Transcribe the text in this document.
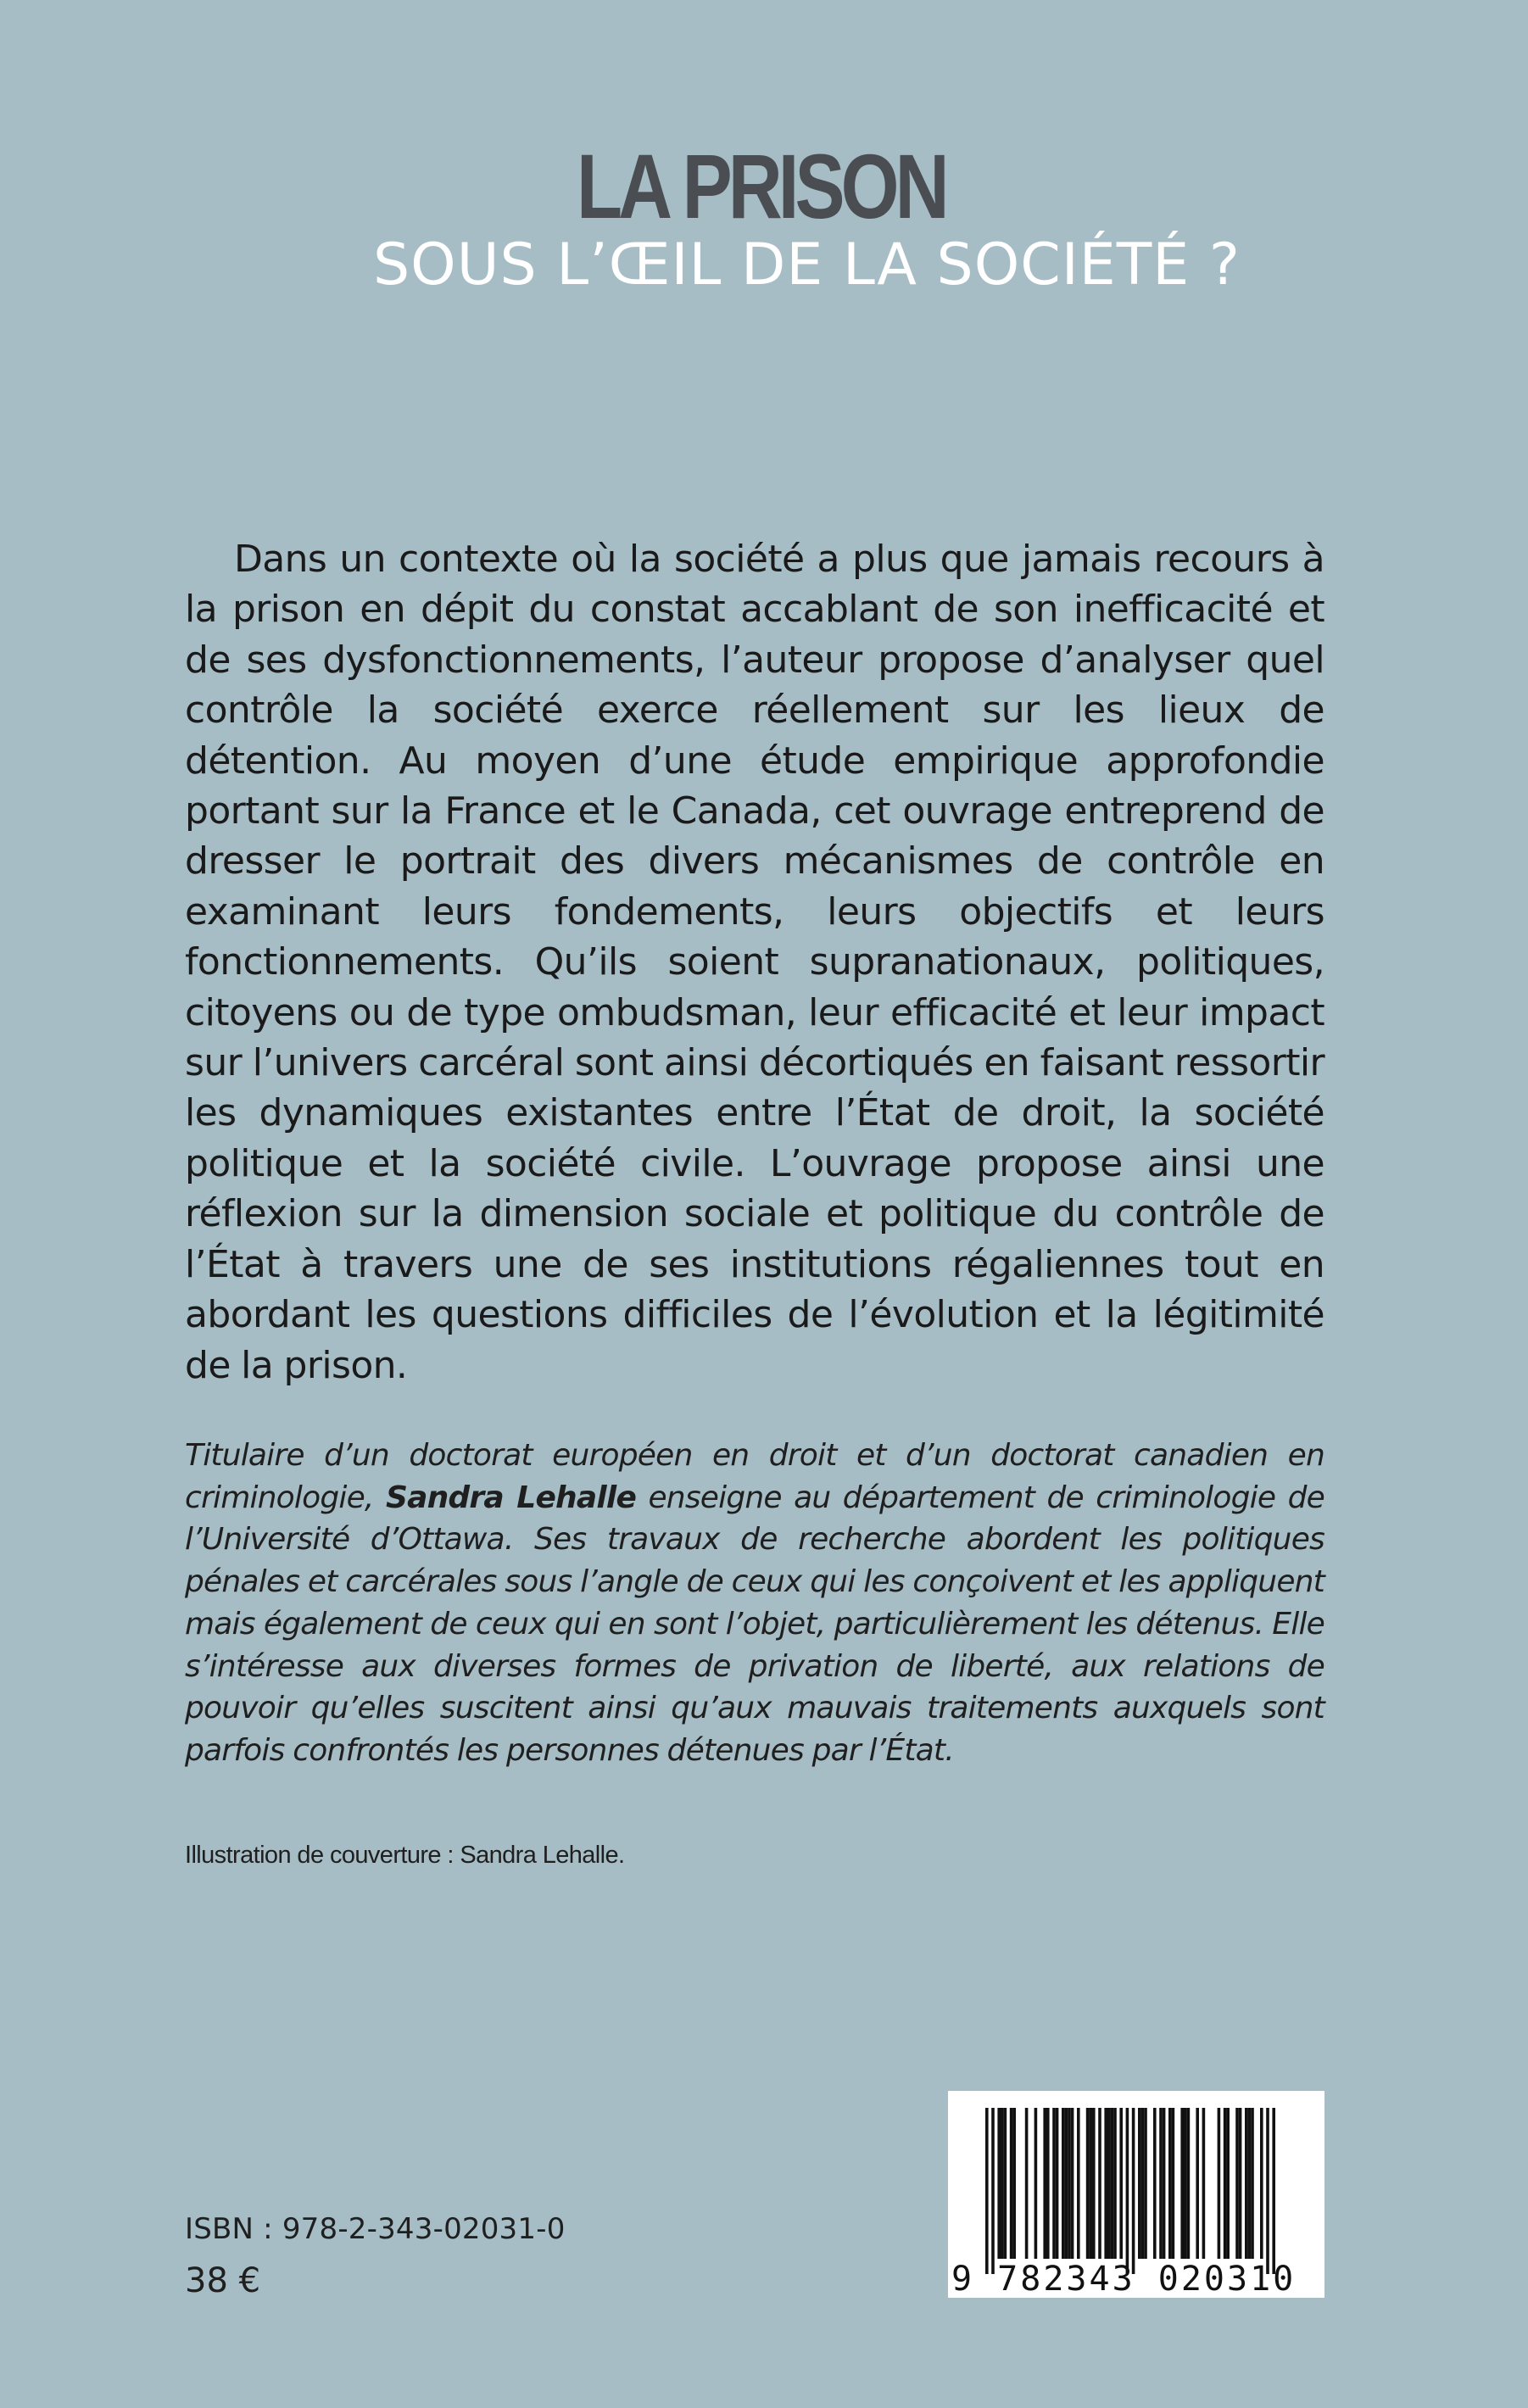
LA PRISON
SOUS L’ŒIL DE LA SOCIÉTÉ ?

Dans un contexte où la société a plus que jamais recours à la prison en dépit du constat accablant de son inefficacité et de ses dysfonctionnements, l’auteur propose d’analyser quel contrôle la société exerce réellement sur les lieux de détention. Au moyen d’une étude empirique approfondie portant sur la France et le Canada, cet ouvrage entreprend de dresser le portrait des divers mécanismes de contrôle en examinant leurs fondements, leurs objectifs et leurs fonctionnements. Qu’ils soient supranationaux, politiques, citoyens ou de type ombudsman, leur efficacité et leur impact sur l’univers carcéral sont ainsi décortiqués en faisant ressortir les dynamiques existantes entre l’État de droit, la société politique et la société civile. L’ouvrage propose ainsi une réflexion sur la dimension sociale et politique du contrôle de l’État à travers une de ses institutions régaliennes tout en abordant les questions difficiles de l’évolution et la légitimité de la prison.

Titulaire d’un doctorat européen en droit et d’un doctorat canadien en criminologie, Sandra Lehalle enseigne au département de criminologie de l’Université d’Ottawa. Ses travaux de recherche abordent les politiques pénales et carcérales sous l’angle de ceux qui les conçoivent et les appliquent mais également de ceux qui en sont l’objet, particulièrement les détenus. Elle s’intéresse aux diverses formes de privation de liberté, aux relations de pouvoir qu’elles suscitent ainsi qu’aux mauvais traitements auxquels sont parfois confrontés les personnes détenues par l’État.

Illustration de couverture : Sandra Lehalle.
ISBN : 978-2-343-02031-0
38 €	9 782343 020310
